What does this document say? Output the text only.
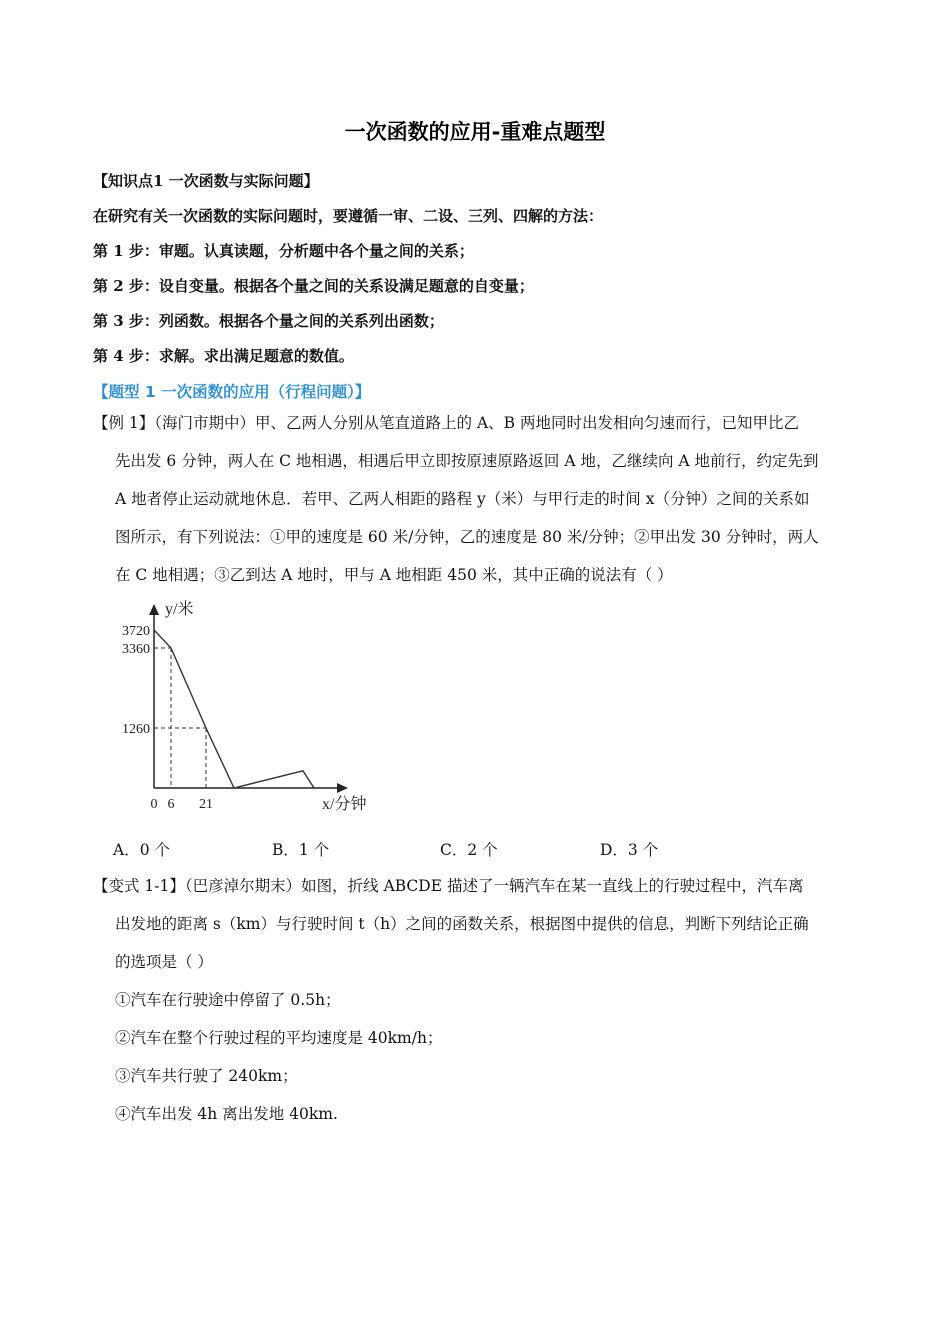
一次函数的应用-重难点题型
【知识点1 一次函数与实际问题】
在研究有关一次函数的实际问题时，要遵循一审、二设、三列、四解的方法：
第 1 步：审题。认真读题，分析题中各个量之间的关系；
第 2 步：设自变量。根据各个量之间的关系设满足题意的自变量；
第 3 步：列函数。根据各个量之间的关系列出函数；
第 4 步：求解。求出满足题意的数值。
【题型 1 一次函数的应用（行程问题）】
【例 1】（海门市期中）甲、乙两人分别从笔直道路上的 A、B 两地同时出发相向匀速而行，已知甲比乙
先出发 6 分钟，两人在 C 地相遇，相遇后甲立即按原速原路返回 A 地，乙继续向 A 地前行，约定先到
A 地者停止运动就地休息．若甲、乙两人相距的路程 y（米）与甲行走的时间 x（分钟）之间的关系如
图所示，有下列说法：①甲的速度是 60 米/分钟，乙的速度是 80 米/分钟；②甲出发 30 分钟时，两人
在 C 地相遇；③乙到达 A 地时，甲与 A 地相距 450 米，其中正确的说法有（ ）
y/米
x/分钟
3720
3360
1260
0 6 21
A．0 个	B．1 个	C．2 个	D．3 个
【变式 1-1】（巴彦淖尔期末）如图，折线 ABCDE 描述了一辆汽车在某一直线上的行驶过程中，汽车离
出发地的距离 s（km）与行驶时间 t（h）之间的函数关系，根据图中提供的信息，判断下列结论正确
的选项是（ ）
①汽车在行驶途中停留了 0.5h；
②汽车在整个行驶过程的平均速度是 40km/h；
③汽车共行驶了 240km；
④汽车出发 4h 离出发地 40km.
